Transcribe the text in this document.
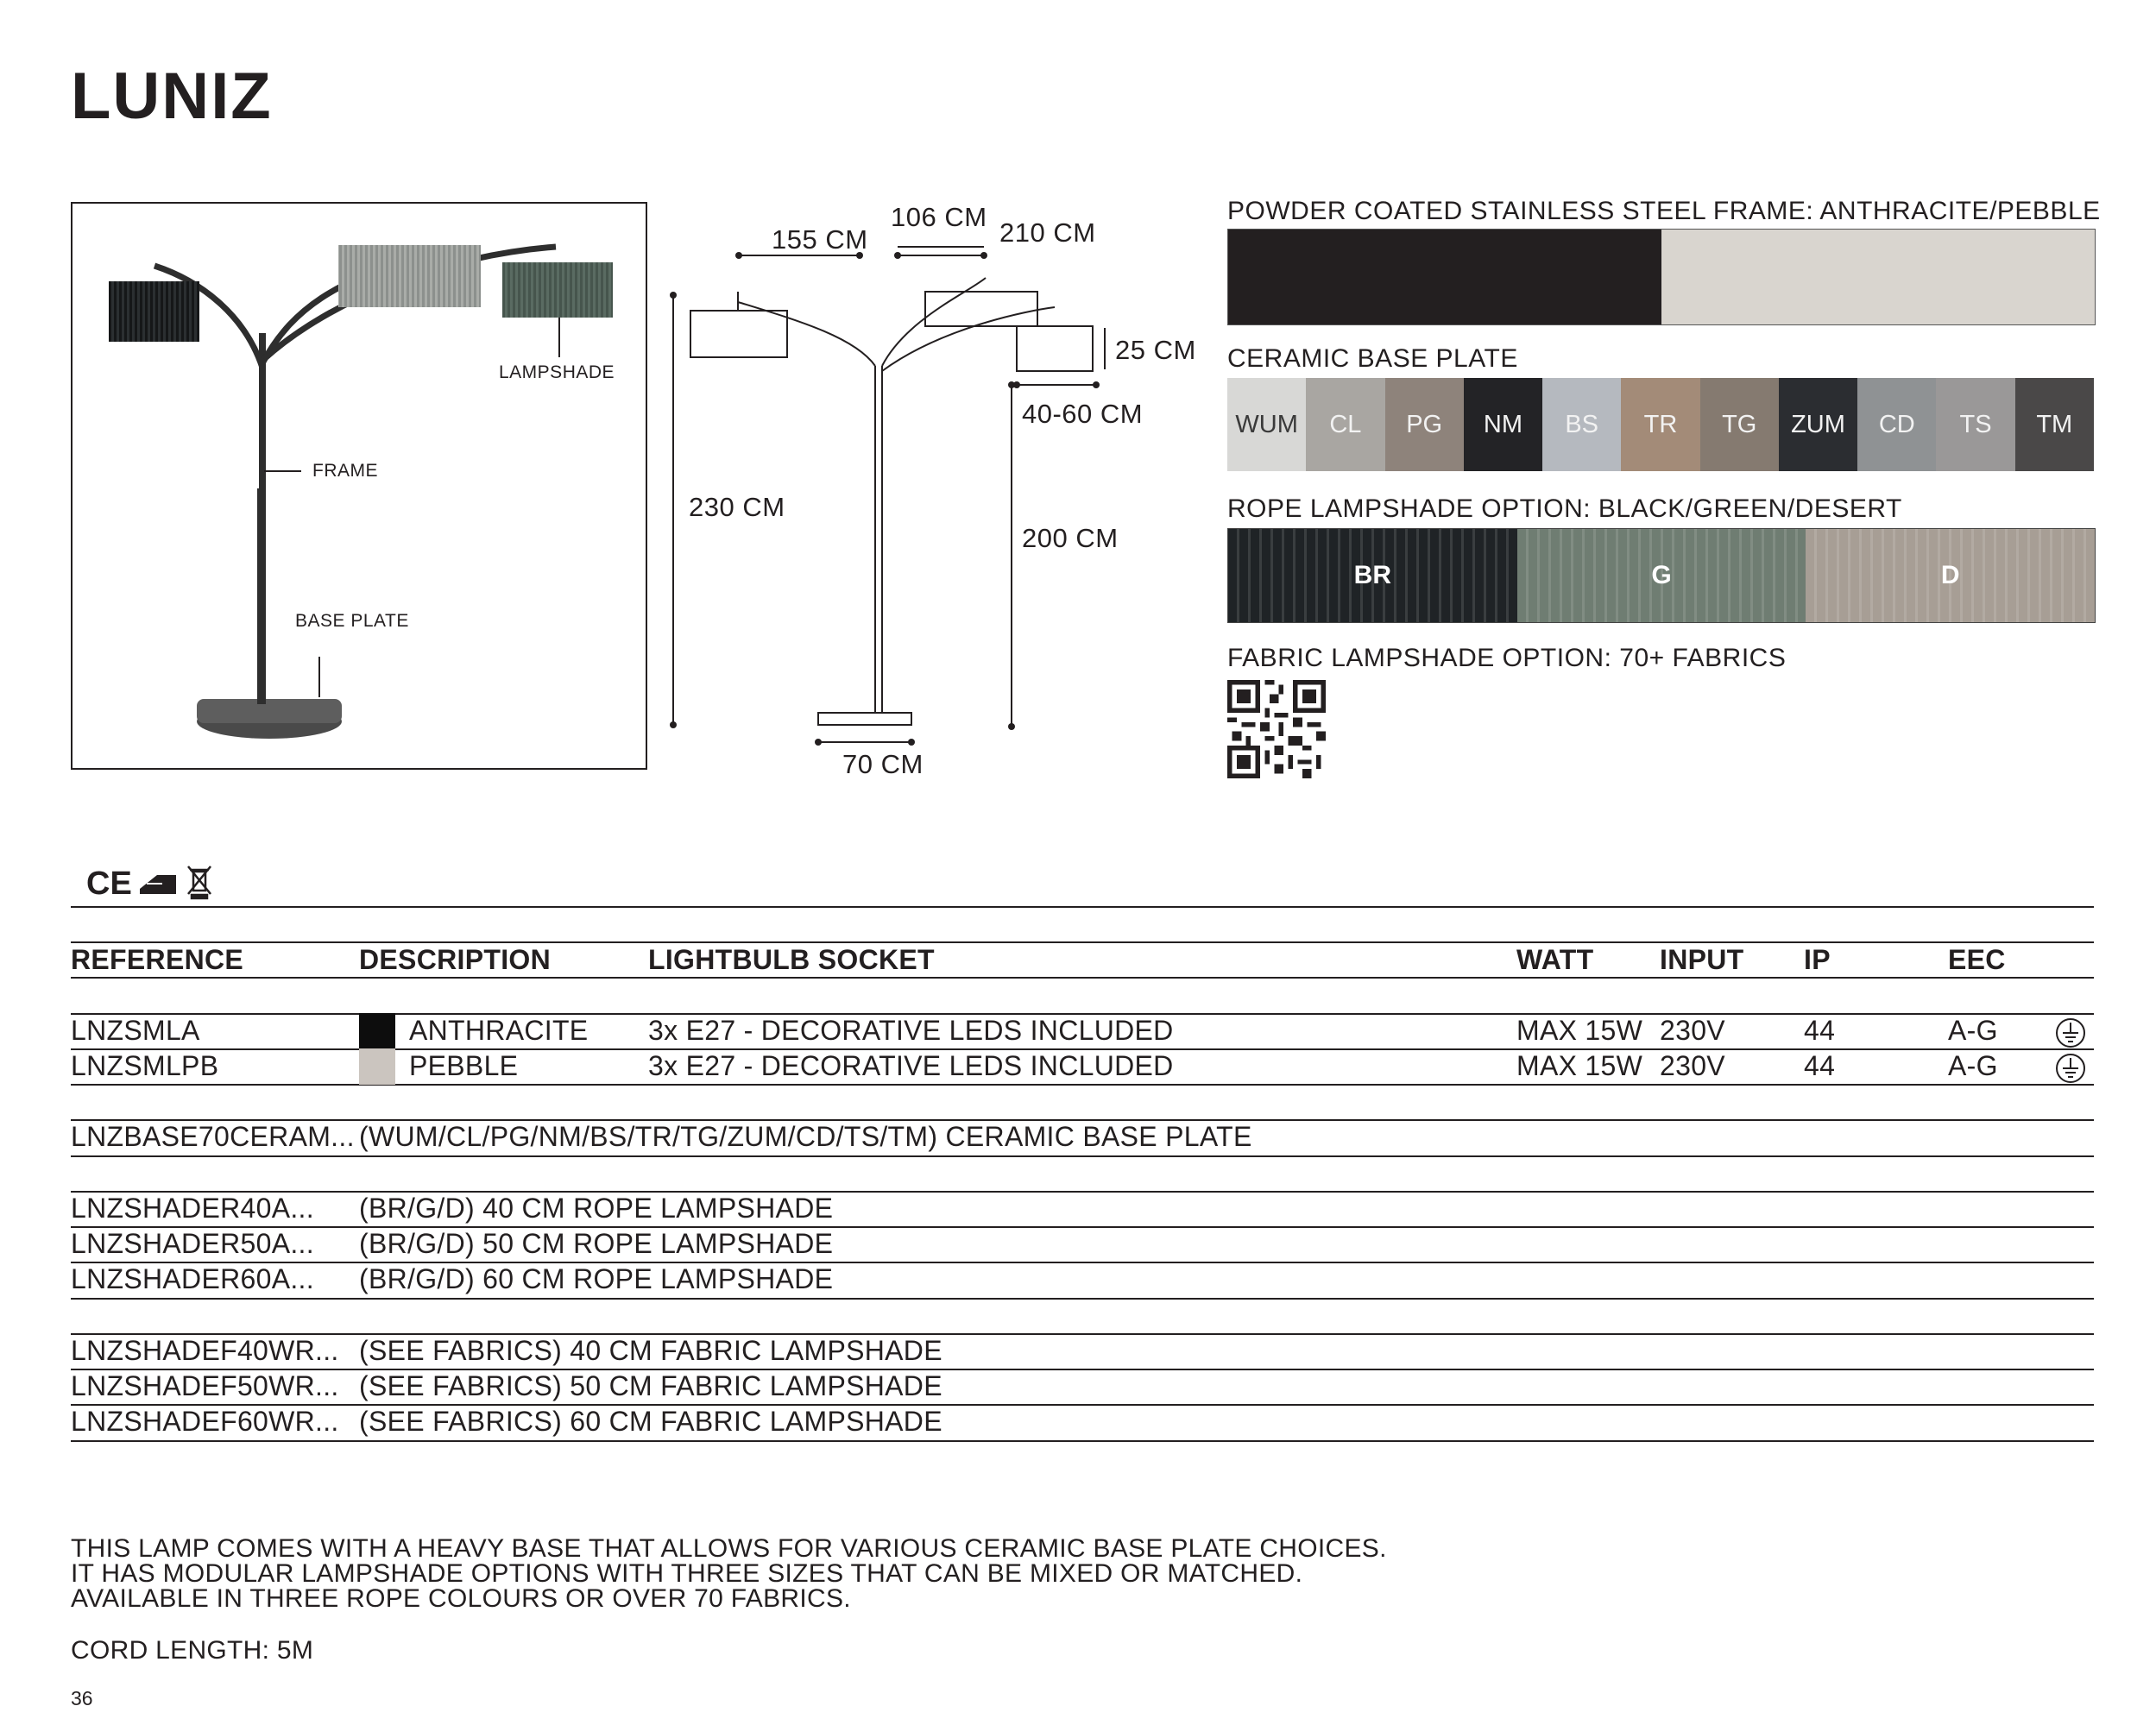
LUNIZ
LAMPSHADE
FRAME
BASE PLATE
155 CM
106 CM
210 CM
25 CM
40-60 CM
230 CM
200 CM
70 CM
POWDER COATED STAINLESS STEEL FRAME: ANTHRACITE/PEBBLE
CERAMIC BASE PLATE
WUM	CL	PG	NM	BS	TR	TG	ZUM	CD	TS	TM
ROPE LAMPSHADE OPTION: BLACK/GREEN/DESERT
BR	G	D
FABRIC LAMPSHADE OPTION: 70+ FABRICS
CE
REFERENCE	DESCRIPTION	LIGHTBULB SOCKET	WATT INPUT IP	EEC
LNZSMLA	ANTHRACITE 3x E27 - DECORATIVE LEDS INCLUDED	MAX 15W 230V	44	A-G
LNZSMLPB	PEBBLE	3x E27 - DECORATIVE LEDS INCLUDED	MAX 15W 230V	44	A-G
LNZBASE70CERAM... (WUM/CL/PG/NM/BS/TR/TG/ZUM/CD/TS/TM) CERAMIC BASE PLATE
LNZSHADER40A... (BR/G/D) 40 CM ROPE LAMPSHADE
LNZSHADER50A... (BR/G/D) 50 CM ROPE LAMPSHADE
LNZSHADER60A... (BR/G/D) 60 CM ROPE LAMPSHADE
LNZSHADEF40WR... (SEE FABRICS) 40 CM FABRIC LAMPSHADE
LNZSHADEF50WR... (SEE FABRICS) 50 CM FABRIC LAMPSHADE
LNZSHADEF60WR... (SEE FABRICS) 60 CM FABRIC LAMPSHADE
THIS LAMP COMES WITH A HEAVY BASE THAT ALLOWS FOR VARIOUS CERAMIC BASE PLATE CHOICES.
IT HAS MODULAR LAMPSHADE OPTIONS WITH THREE SIZES THAT CAN BE MIXED OR MATCHED.
AVAILABLE IN THREE ROPE COLOURS OR OVER 70 FABRICS.
CORD LENGTH: 5M
36
